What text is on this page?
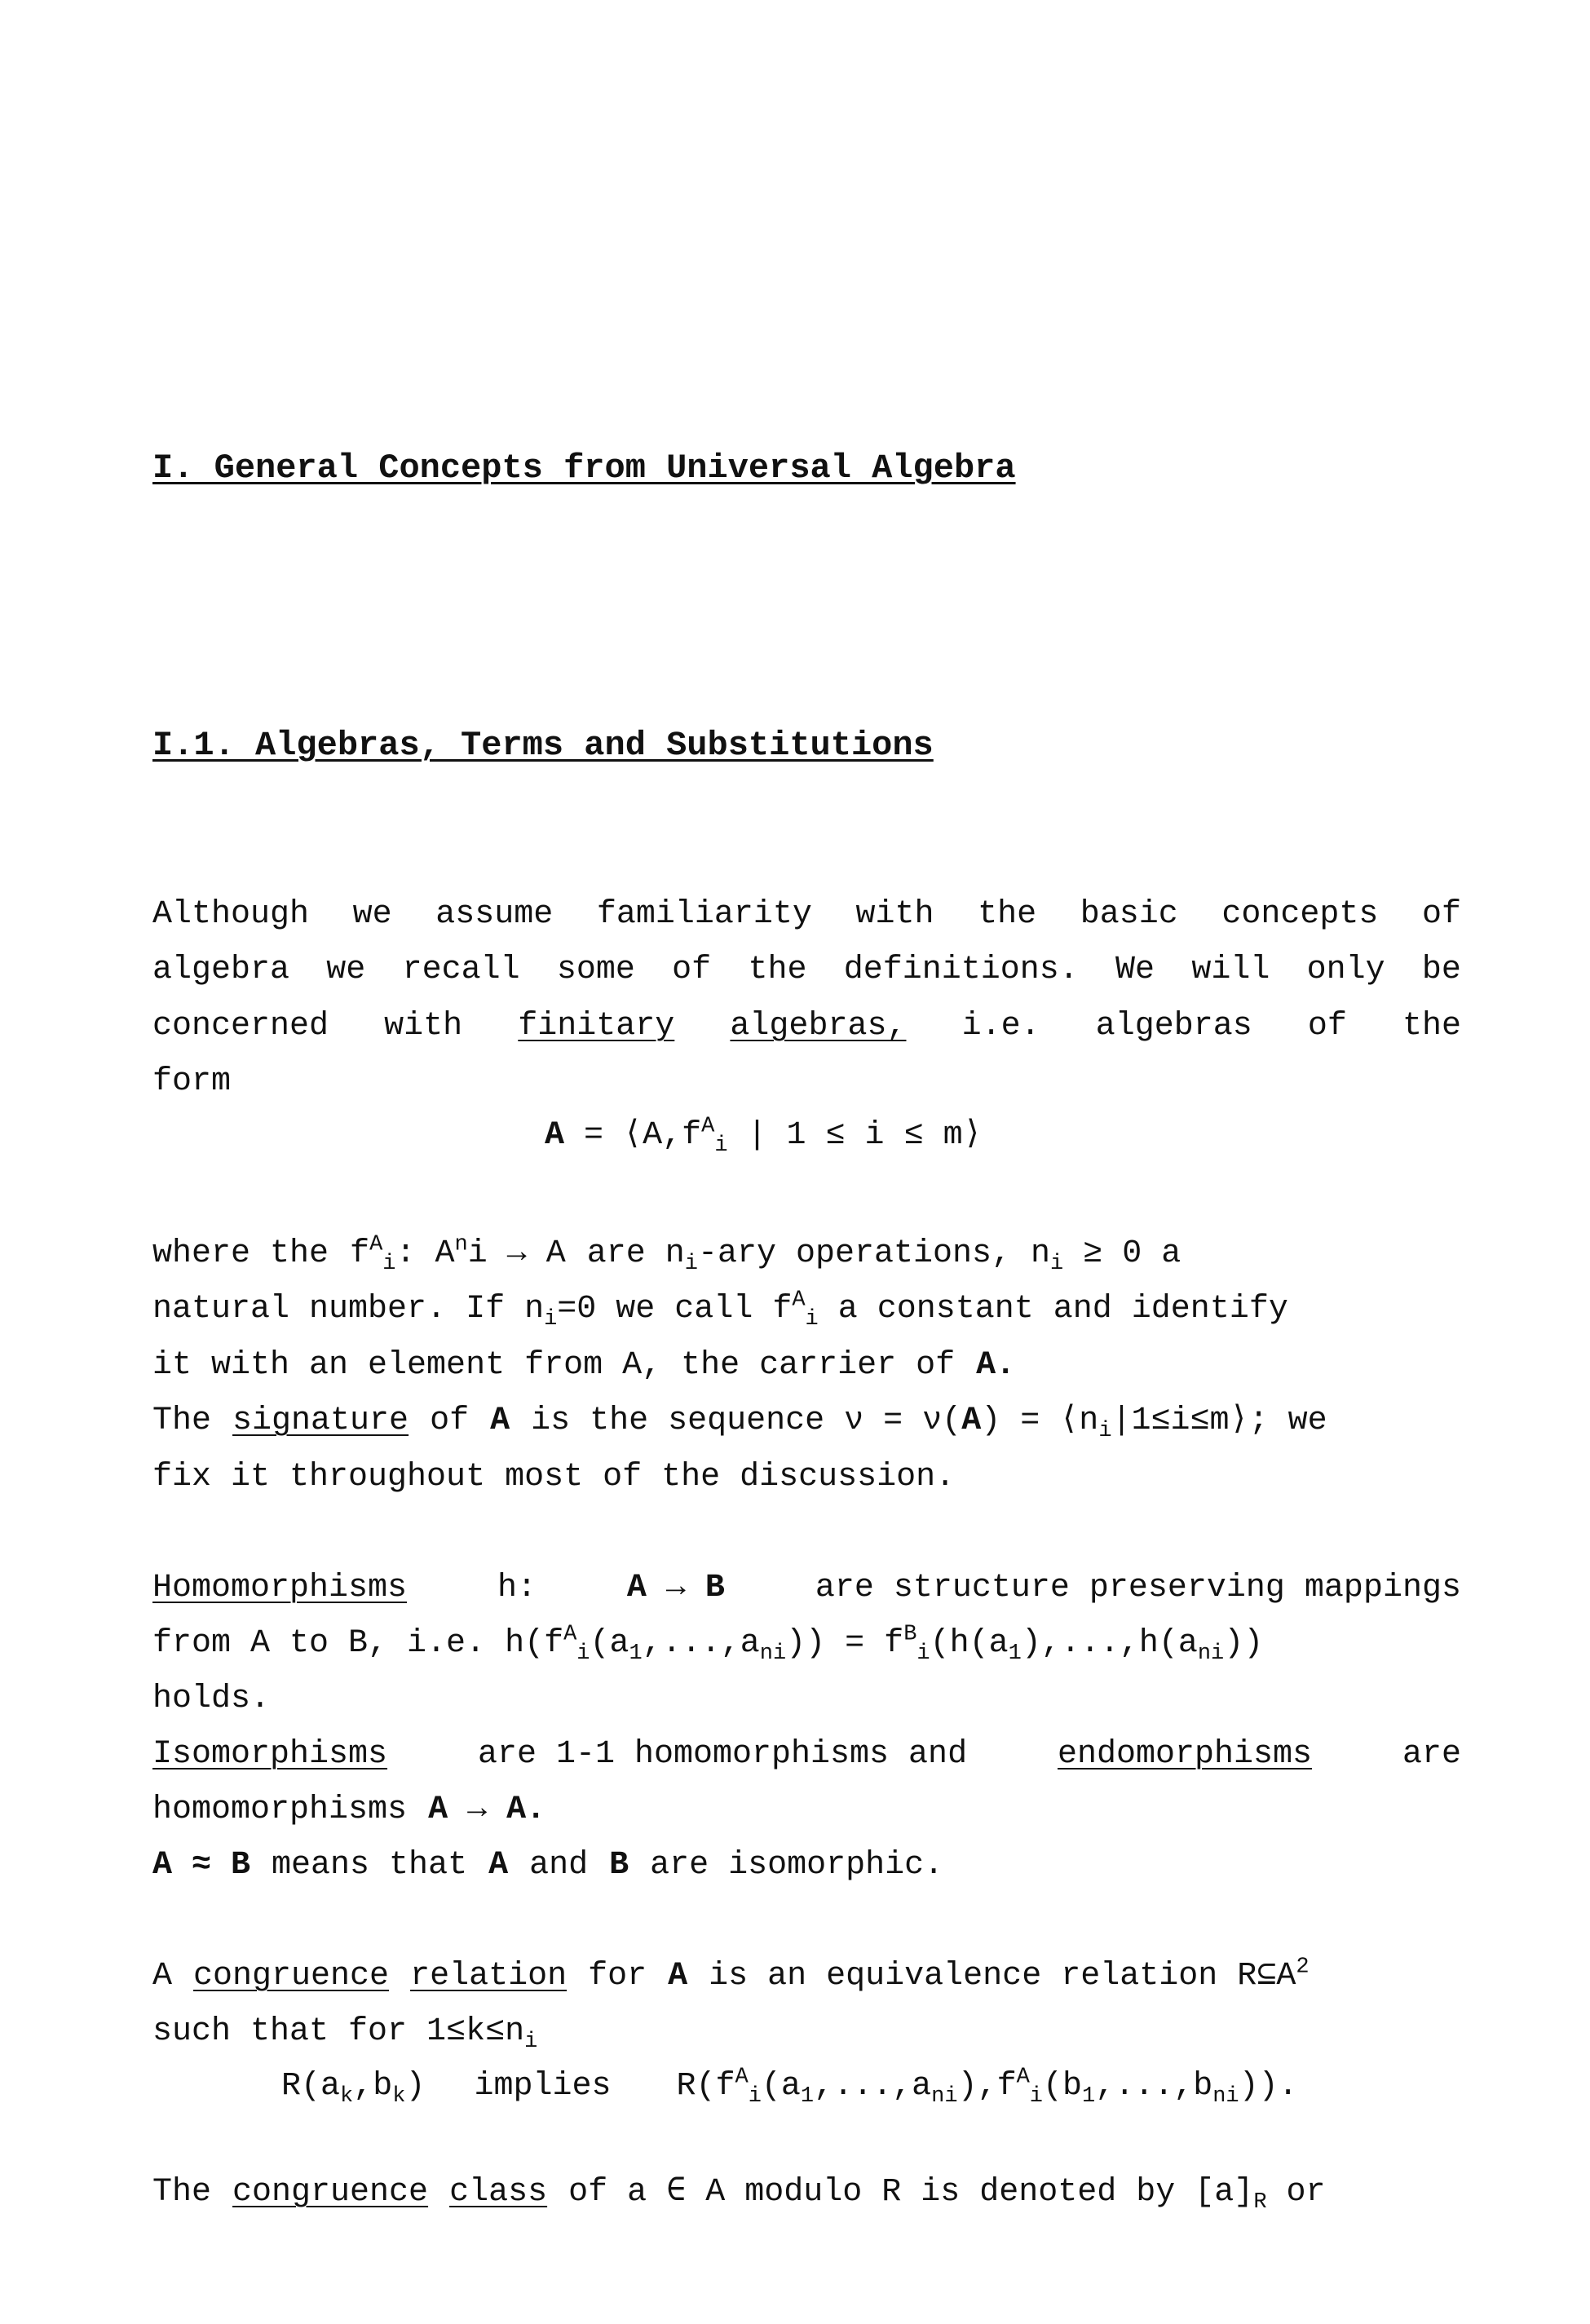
I. General Concepts from Universal Algebra
I.1. Algebras, Terms and Substitutions
Although we assume familiarity with the basic concepts of
algebra we recall some of the definitions. We will only be
concerned with finitary algebras, i.e. algebras of the
form
$A = ⟨A,f^A_i$ | 1 ≤ i ≤ m⟩
where the $f^A_i$: $A^ni \to A$ are $n_i$-ary operations, $n_i \ge 0$ a
natural number. If $n_i=0$ we call $f^A_i$ a constant and identify
it with an element from A, the carrier of A.
The signature of A is the sequence $\nu = \nu(A) = ⟨n_i|1\le i\le m⟩$; we
fix it throughout most of the discussion.
Homomorphisms	h:	A → B	are structure preserving mappings
from A to B, i.e. $h(f^A_i(a_1,...,a_{ni})) = f^B_i(h(a_1),...,h(a_{ni}))$
holds.
Isomorphisms	are 1-1 homomorphisms and	endomorphisms	are
homomorphisms A → A.
A ≈ B means that A and B are isomorphic.
A congruence relation for A is an equivalence relation $R⊆A^2$
such that for $1\le k\le n_i$
$R(a_k,b_k)$ implies $R(f^A_i(a_1,...,a_{ni}),f^A_i(b_1,...,b_{ni}))$.
The congruence class of a ∈ A modulo R is denoted by $[a]_R$ or
